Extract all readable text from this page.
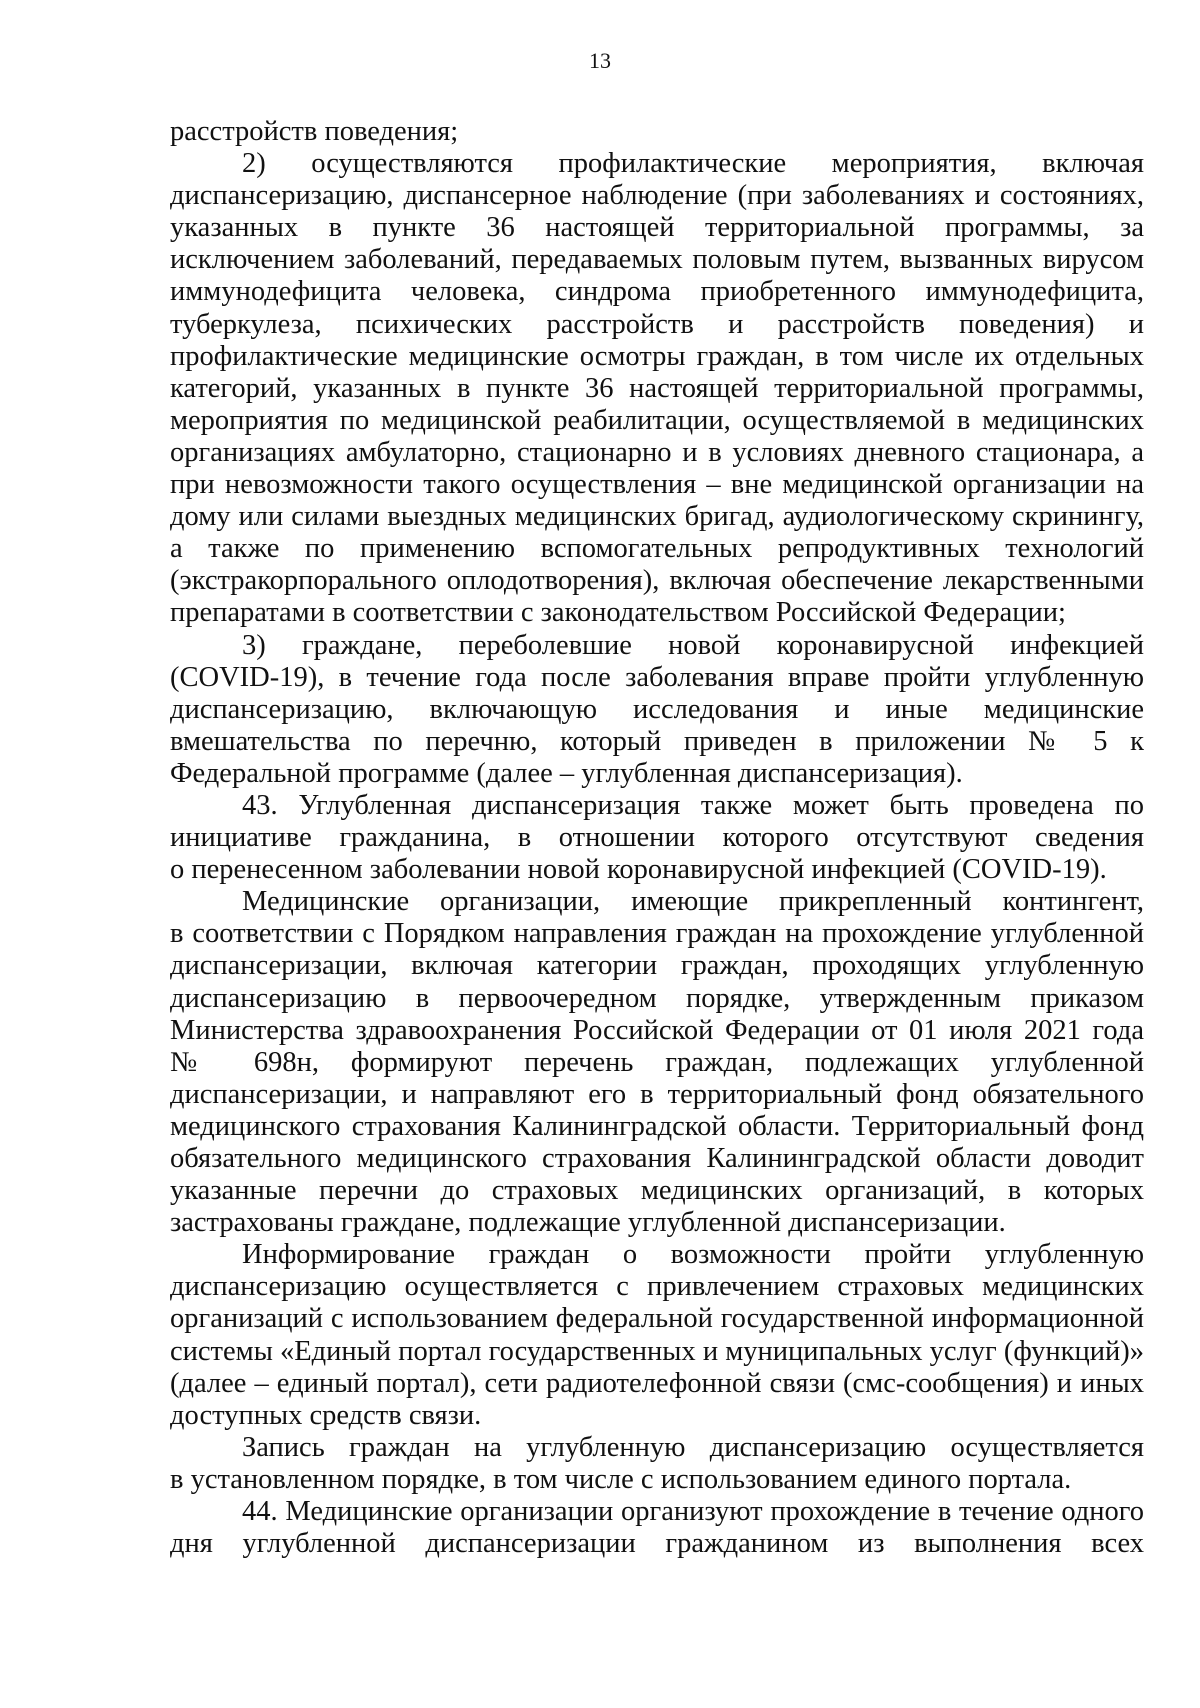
13
расстройств поведения;
2) осуществляются профилактические мероприятия, включая
диспансеризацию, диспансерное наблюдение (при заболеваниях и состояниях,
указанных в пункте 36 настоящей территориальной программы, за
исключением заболеваний, передаваемых половым путем, вызванных вирусом
иммунодефицита человека, синдрома приобретенного иммунодефицита,
туберкулеза, психических расстройств и расстройств поведения) и
профилактические медицинские осмотры граждан, в том числе их отдельных
категорий, указанных в пункте 36 настоящей территориальной программы,
мероприятия по медицинской реабилитации, осуществляемой в медицинских
организациях амбулаторно, стационарно и в условиях дневного стационара, а
при невозможности такого осуществления – вне медицинской организации на
дому или силами выездных медицинских бригад, аудиологическому скринингу,
а также по применению вспомогательных репродуктивных технологий
(экстракорпорального оплодотворения), включая обеспечение лекарственными
препаратами в соответствии с законодательством Российской Федерации;
3) граждане, переболевшие новой коронавирусной инфекцией
(COVID-19), в течение года после заболевания вправе пройти углубленную
диспансеризацию, включающую исследования и иные медицинские
вмешательства по перечню, который приведен в приложении № 5 к
Федеральной программе (далее – углубленная диспансеризация).
43. Углубленная диспансеризация также может быть проведена по
инициативе гражданина, в отношении которого отсутствуют сведения
о перенесенном заболевании новой коронавирусной инфекцией (COVID-19).
Медицинские организации, имеющие прикрепленный контингент,
в соответствии с Порядком направления граждан на прохождение углубленной
диспансеризации, включая категории граждан, проходящих углубленную
диспансеризацию в первоочередном порядке, утвержденным приказом
Министерства здравоохранения Российской Федерации от 01 июля 2021 года
№ 698н, формируют перечень граждан, подлежащих углубленной
диспансеризации, и направляют его в территориальный фонд обязательного
медицинского страхования Калининградской области. Территориальный фонд
обязательного медицинского страхования Калининградской области доводит
указанные перечни до страховых медицинских организаций, в которых
застрахованы граждане, подлежащие углубленной диспансеризации.
Информирование граждан о возможности пройти углубленную
диспансеризацию осуществляется с привлечением страховых медицинских
организаций с использованием федеральной государственной информационной
системы «Единый портал государственных и муниципальных услуг (функций)»
(далее – единый портал), сети радиотелефонной связи (смс-сообщения) и иных
доступных средств связи.
Запись граждан на углубленную диспансеризацию осуществляется
в установленном порядке, в том числе с использованием единого портала.
44. Медицинские организации организуют прохождение в течение одного
дня углубленной диспансеризации гражданином из выполнения всех
